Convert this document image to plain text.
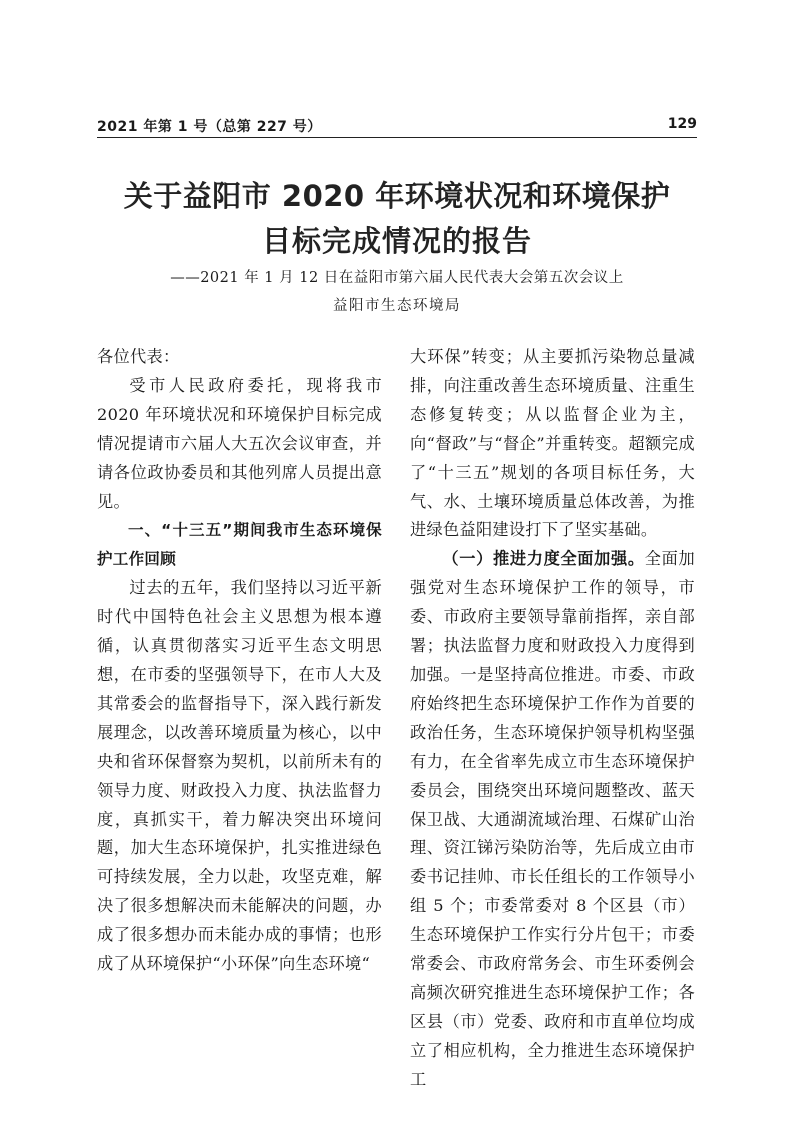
2021 年第 1 号（总第 227 号）	129
关于益阳市 2020 年环境状况和环境保护
目标完成情况的报告
——2021 年 1 月 12 日在益阳市第六届人民代表大会第五次会议上
益阳市生态环境局

各位代表：

受市人民政府委托，现将我市 2020 年环境状况和环境保护目标完成情况提请市六届人大五次会议审查，并请各位政协委员和其他列席人员提出意见。

一、“十三五”期间我市生态环境保护工作回顾

过去的五年，我们坚持以习近平新时代中国特色社会主义思想为根本遵循，认真贯彻落实习近平生态文明思想，在市委的坚强领导下，在市人大及其常委会的监督指导下，深入践行新发展理念，以改善环境质量为核心，以中央和省环保督察为契机，以前所未有的领导力度、财政投入力度、执法监督力度，真抓实干，着力解决突出环境问题，加大生态环境保护，扎实推进绿色可持续发展，全力以赴，攻坚克难，解决了很多想解决而未能解决的问题，办成了很多想办而未能办成的事情；也形成了从环境保护“小环保”向生态环境“

大环保”转变；从主要抓污染物总量减排，向注重改善生态环境质量、注重生态修复转变；从以监督企业为主，向“督政”与“督企”并重转变。超额完成了“十三五”规划的各项目标任务，大气、水、土壤环境质量总体改善，为推进绿色益阳建设打下了坚实基础。

（一）推进力度全面加强。全面加强党对生态环境保护工作的领导，市委、市政府主要领导靠前指挥，亲自部署；执法监督力度和财政投入力度得到加强。一是坚持高位推进。市委、市政府始终把生态环境保护工作作为首要的政治任务，生态环境保护领导机构坚强有力，在全省率先成立市生态环境保护委员会，围绕突出环境问题整改、蓝天保卫战、大通湖流域治理、石煤矿山治理、资江锑污染防治等，先后成立由市委书记挂帅、市长任组长的工作领导小组 5 个；市委常委对 8 个区县（市）生态环境保护工作实行分片包干；市委常委会、市政府常务会、市生环委例会高频次研究推进生态环境保护工作；各区县（市）党委、政府和市直单位均成立了相应机构，全力推进生态环境保护工
